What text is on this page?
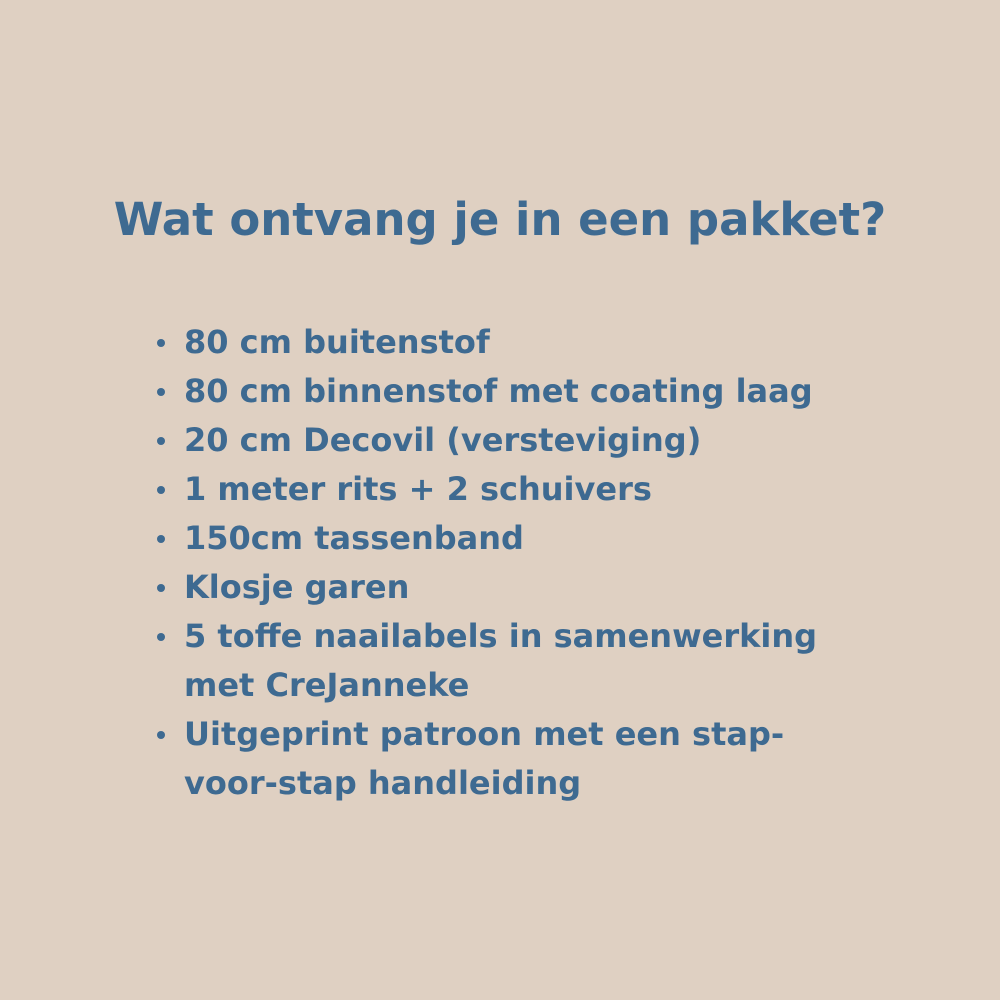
Wat ontvang je in een pakket?
80 cm buitenstof
80 cm binnenstof met coating laag
20 cm Decovil (versteviging)
1 meter rits + 2 schuivers
150cm tassenband
Klosje garen
5 toffe naailabels in samenwerking met CreJanneke
Uitgeprint patroon met een stap-voor-stap handleiding
